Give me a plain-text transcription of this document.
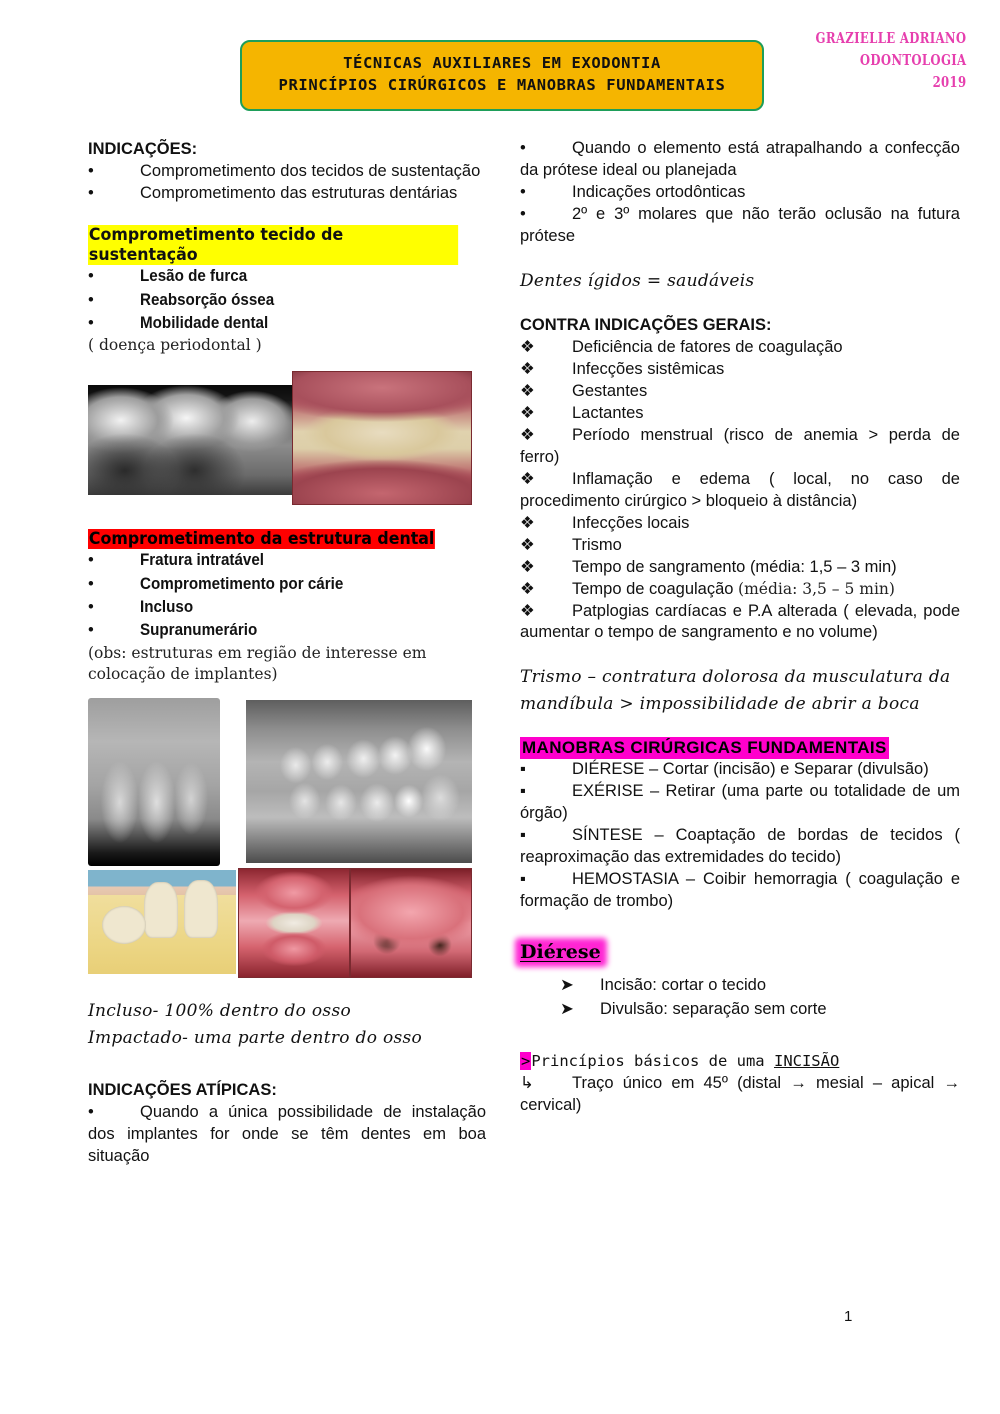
TÉCNICAS AUXILIARES EM EXODONTIA
PRINCÍPIOS CIRÚRGICOS E MANOBRAS FUNDAMENTAIS
GRAZIELLE ADRIANO
ODONTOLOGIA
2019
INDICAÇÕES:

•	Comprometimento dos tecidos de sustentação

•	Comprometimento das estruturas dentárias

Comprometimento tecido de sustentação
•	Lesão de furca
•	Reabsorção óssea
•	Mobilidade dental

( doença periodontal )

Comprometimento da estrutura dental
•	Fratura intratável
•	Comprometimento por cárie
•	Incluso
•	Supranumerário

(obs: estruturas em região de interesse em colocação de implantes)

Incluso- 100% dentro do osso

Impactado- uma parte dentro do osso

INDICAÇÕES ATÍPICAS:

•	Quando a única possibilidade de instalação dos implantes for onde se têm dentes em boa situação

•	Quando o elemento está atrapalhando a confecção da prótese ideal ou planejada

•	Indicações ortodônticas

•	2º e 3º molares que não terão oclusão na futura prótese

Dentes ígidos = saudáveis

CONTRA INDICAÇÕES GERAIS:

❖ Deficiência de fatores de coagulação

❖ Infecções sistêmicas

❖ Gestantes

❖ Lactantes

❖ Período menstrual (risco de anemia > perda de ferro)

❖ Inflamação e edema ( local, no caso de procedimento cirúrgico > bloqueio à distância)

❖ Infecções locais

❖ Trismo

❖ Tempo de sangramento (média: 1,5 – 3 min)

❖ Tempo de coagulação (média: 3,5 – 5 min)

❖ Patplogias cardíacas e P.A alterada ( elevada, pode aumentar o tempo de sangramento e no volume)

Trismo – contratura dolorosa da musculatura da mandíbula > impossibilidade de abrir a boca

MANOBRAS CIRÚRGICAS FUNDAMENTAIS

▪	DIÉRESE – Cortar (incisão) e Separar (divulsão)

▪	EXÉRISE – Retirar (uma parte ou totalidade de um órgão)

▪	SÍNTESE – Coaptação de bordas de tecidos ( reaproximação das extremidades do tecido)

▪	HEMOSTASIA – Coibir hemorragia ( coagulação e formação de trombo)

Diérese
➤	Incisão: cortar o tecido
➤	Divulsão: separação sem corte

>Princípios básicos de uma INCISÃO

↳ Traço único em 45º (distal → mesial – apical → cervical)

1
